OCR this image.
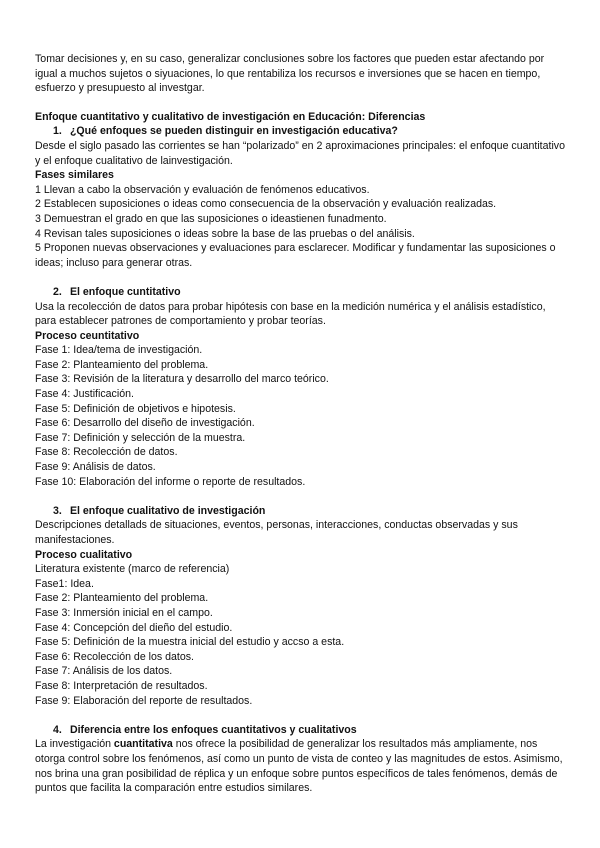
Tomar decisiones y, en su caso, generalizar conclusiones sobre los factores que pueden estar afectando por igual a muchos sujetos o siyuaciones, lo que rentabiliza los recursos e inversiones que se hacen en tiempo, esfuerzo y presupuesto al investgar.

Enfoque cuantitativo y cualitativo de investigación en Educación: Diferencias

1. ¿Qué enfoques se pueden distinguir en investigación educativa?

Desde el siglo pasado las corrientes se han “polarizado” en 2 aproximaciones principales: el enfoque cuantitativo y el enfoque cualitativo de lainvestigación.

Fases similares

1 Llevan a cabo la observación y evaluación de fenómenos educativos.
2 Establecen suposiciones o ideas como consecuencia de la observación y evaluación realizadas.
3 Demuestran el grado en que las suposiciones o ideastienen funadmento.
4 Revisan tales suposiciones o ideas sobre la base de las pruebas o del análisis.
5 Proponen nuevas observaciones y evaluaciones para esclarecer. Modificar y fundamentar las suposiciones o ideas; incluso para generar otras.

2. El enfoque cuntitativo

Usa la recolección de datos para probar hipótesis con base en la medición numérica y el análisis estadístico, para establecer patrones de comportamiento y probar teorías.

Proceso ceuntitativo

Fase 1: Idea/tema de investigación.
Fase 2: Planteamiento del problema.
Fase 3: Revisión de la literatura y desarrollo del marco teórico.
Fase 4: Justificación.
Fase 5: Definición de objetivos e hipotesis.
Fase 6: Desarrollo del diseño de investigación.
Fase 7: Definición y selección de la muestra.
Fase 8: Recolección de datos.
Fase 9: Análisis de datos.
Fase 10: Elaboración del informe o reporte de resultados.

3. El enfoque cualitativo de investigación

Descripciones detallads de situaciones, eventos, personas, interacciones, conductas observadas y sus manifestaciones.

Proceso cualitativo

Literatura existente (marco de referencia)
Fase1: Idea.
Fase 2: Planteamiento del problema.
Fase 3: Inmersión inicial en el campo.
Fase 4: Concepción del dieño del estudio.
Fase 5: Definición de la muestra inicial del estudio y accso a esta.
Fase 6: Recolección de los datos.
Fase 7: Análisis de los datos.
Fase 8: Interpretación de resultados.
Fase 9: Elaboración del reporte de resultados.

4. Diferencia entre los enfoques cuantitativos y cualitativos

La investigación cuantitativa nos ofrece la posibilidad de generalizar los resultados más ampliamente, nos otorga control sobre los fenómenos, así como un punto de vista de conteo y las magnitudes de estos. Asimismo, nos brina una gran posibilidad de réplica y un enfoque sobre puntos específicos de tales fenómenos, demás de puntos que facilita la comparación entre estudios similares.
